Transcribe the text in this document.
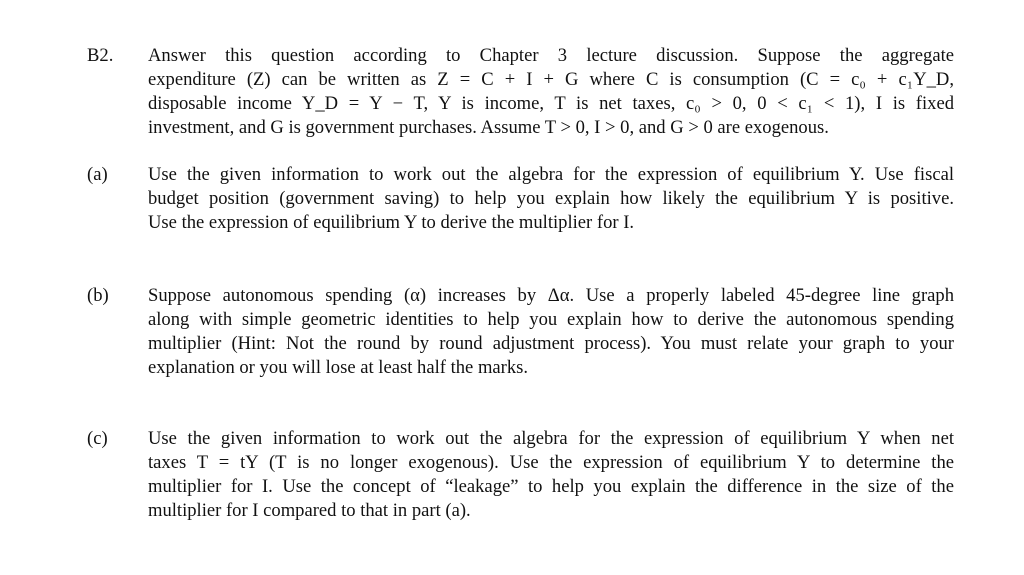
B2. Answer this question according to Chapter 3 lecture discussion. Suppose the aggregate
expenditure (Z) can be written as Z = C + I + G where C is consumption (C = c₀ + c₁Y_D,
disposable income Y_D = Y − T, Y is income, T is net taxes, c₀ > 0, 0 < c₁ < 1), I is fixed
investment, and G is government purchases. Assume T > 0, I > 0, and G > 0 are exogenous.
(a) Use the given information to work out the algebra for the expression of equilibrium Y. Use fiscal
budget position (government saving) to help you explain how likely the equilibrium Y is positive.
Use the expression of equilibrium Y to derive the multiplier for I.
(b) Suppose autonomous spending (α) increases by Δα. Use a properly labeled 45-degree line graph
along with simple geometric identities to help you explain how to derive the autonomous spending
multiplier (Hint: Not the round by round adjustment process). You must relate your graph to your
explanation or you will lose at least half the marks.
(c) Use the given information to work out the algebra for the expression of equilibrium Y when net
taxes T = tY (T is no longer exogenous). Use the expression of equilibrium Y to determine the
multiplier for I. Use the concept of “leakage” to help you explain the difference in the size of the
multiplier for I compared to that in part (a).
